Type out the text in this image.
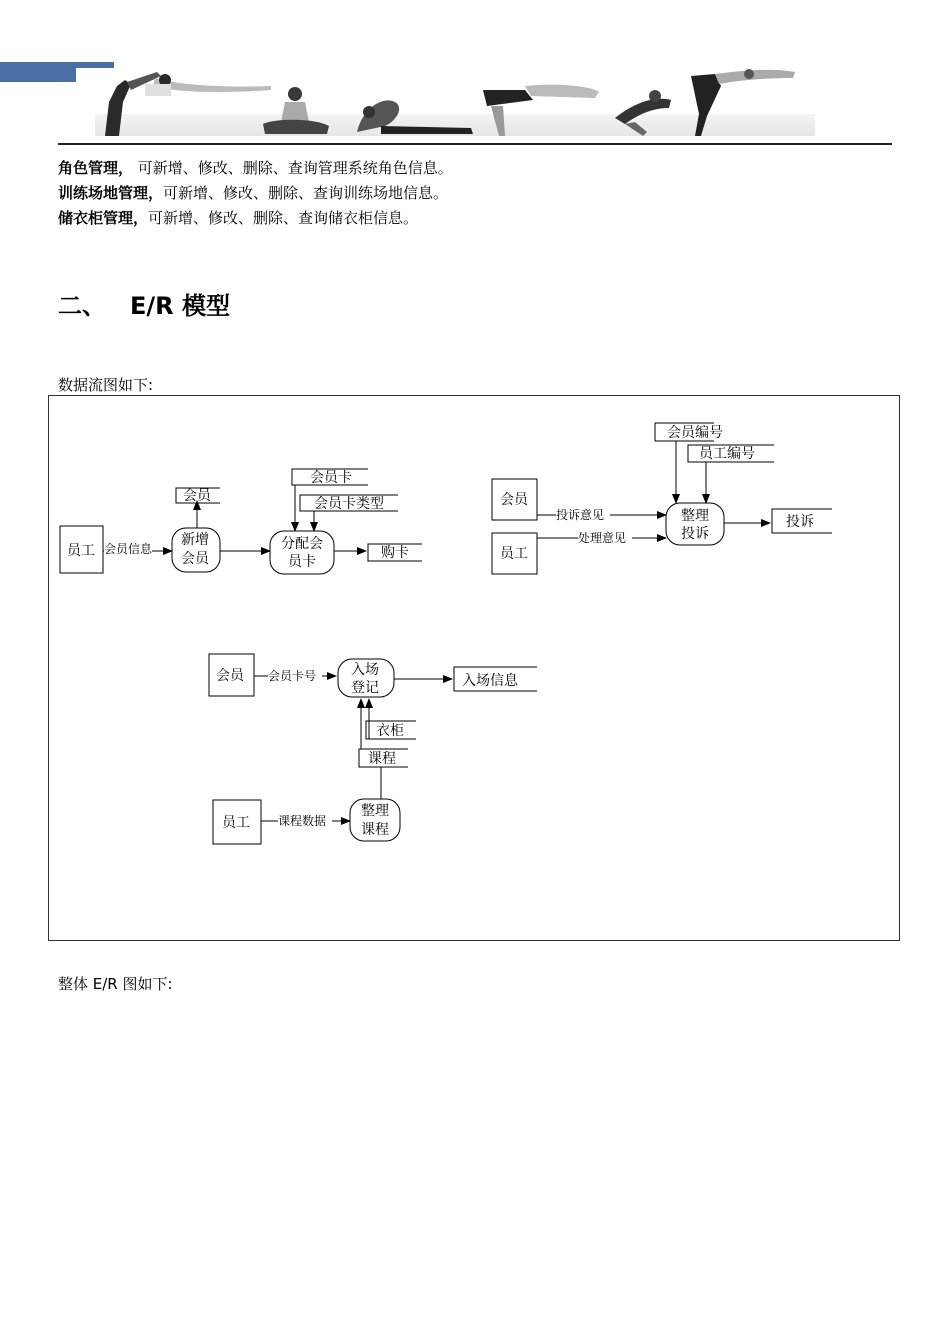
角色管理， 可新增、修改、删除、查询管理系统角色信息。
训练场地管理，可新增、修改、删除、查询训练场地信息。
储衣柜管理，可新增、修改、删除、查询储衣柜信息。
二、 E/R 模型
数据流图如下:
员工 会员信息
新增
会员
会员
分配会
员卡
会员卡
会员卡类型
购卡
会员
员工
投诉意见
处理意见
会员编号
员工编号
整理
投诉
投诉
会员 会员卡号 入场
登记	入场信息
衣柜
课程
员工 课程数据
整理
课程
整体 E/R 图如下:
